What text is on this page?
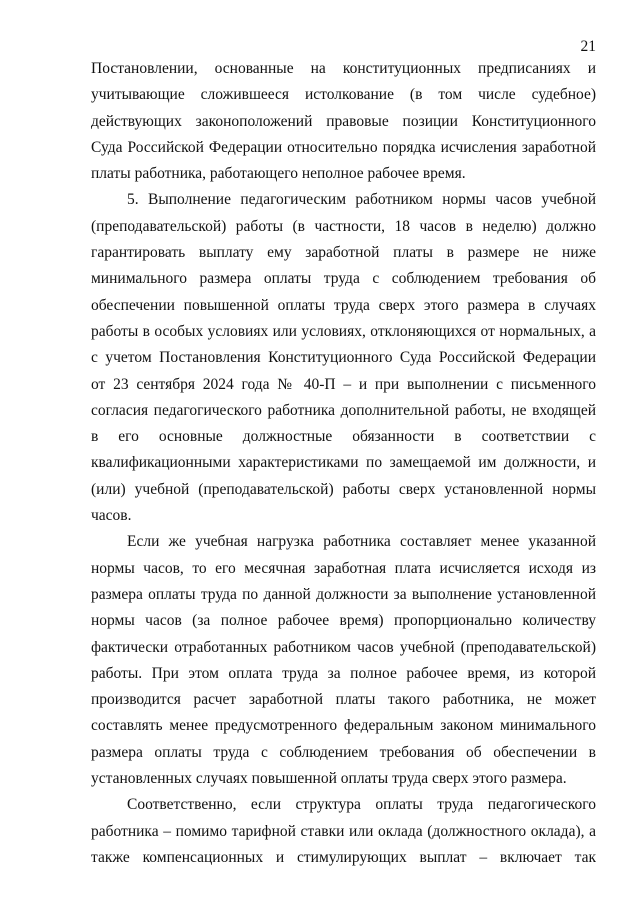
21
Постановлении, основанные на конституционных предписаниях и
учитывающие сложившееся истолкование (в том числе судебное)
действующих законоположений правовые позиции Конституционного
Суда Российской Федерации относительно порядка исчисления заработной
платы работника, работающего неполное рабочее время.
5. Выполнение педагогическим работником нормы часов учебной
(преподавательской) работы (в частности, 18 часов в неделю) должно
гарантировать выплату ему заработной платы в размере не ниже
минимального размера оплаты труда с соблюдением требования об
обеспечении повышенной оплаты труда сверх этого размера в случаях
работы в особых условиях или условиях, отклоняющихся от нормальных, а
с учетом Постановления Конституционного Суда Российской Федерации
от 23 сентября 2024 года № 40-П – и при выполнении с письменного
согласия педагогического работника дополнительной работы, не входящей
в его основные должностные обязанности в соответствии с
квалификационными характеристиками по замещаемой им должности, и
(или) учебной (преподавательской) работы сверх установленной нормы
часов.
Если же учебная нагрузка работника составляет менее указанной
нормы часов, то его месячная заработная плата исчисляется исходя из
размера оплаты труда по данной должности за выполнение установленной
нормы часов (за полное рабочее время) пропорционально количеству
фактически отработанных работником часов учебной (преподавательской)
работы. При этом оплата труда за полное рабочее время, из которой
производится расчет заработной платы такого работника, не может
составлять менее предусмотренного федеральным законом минимального
размера оплаты труда с соблюдением требования об обеспечении в
установленных случаях повышенной оплаты труда сверх этого размера.
Соответственно, если структура оплаты труда педагогического
работника – помимо тарифной ставки или оклада (должностного оклада), а
также компенсационных и стимулирующих выплат – включает так
